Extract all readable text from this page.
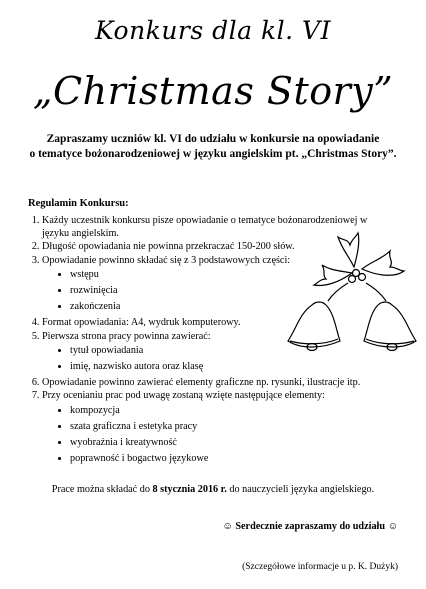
Konkurs dla kl. VI
„Christmas Story”
Zapraszamy uczniów kl. VI do udziału w konkursie na opowiadanie
o tematyce bożonarodzeniowej w języku angielskim pt. „Christmas Story”.
Regulamin Konkursu:
1. Każdy uczestnik konkursu pisze opowiadanie o tematyce bożonarodzeniowej w języku angielskim.
2. Długość opowiadania nie powinna przekraczać 150-200 słów.
3. Opowiadanie powinno składać się z 3 podstawowych części:
• wstępu
• rozwinięcia
• zakończenia
4. Format opowiadania: A4, wydruk komputerowy.
5. Pierwsza strona pracy powinna zawierać:
• tytuł opowiadania
• imię, nazwisko autora oraz klasę
6. Opowiadanie powinno zawierać elementy graficzne np. rysunki, ilustracje itp.
7. Przy ocenianiu prac pod uwagę zostaną wzięte następujące elementy:
• kompozycja
• szata graficzna i estetyka pracy
• wyobraźnia i kreatywność
• poprawność i bogactwo językowe
Prace można składać do 8 stycznia 2016 r. do nauczycieli języka angielskiego.
☺ Serdecznie zapraszamy do udziału ☺
(Szczegółowe informacje u p. K. Dużyk)
